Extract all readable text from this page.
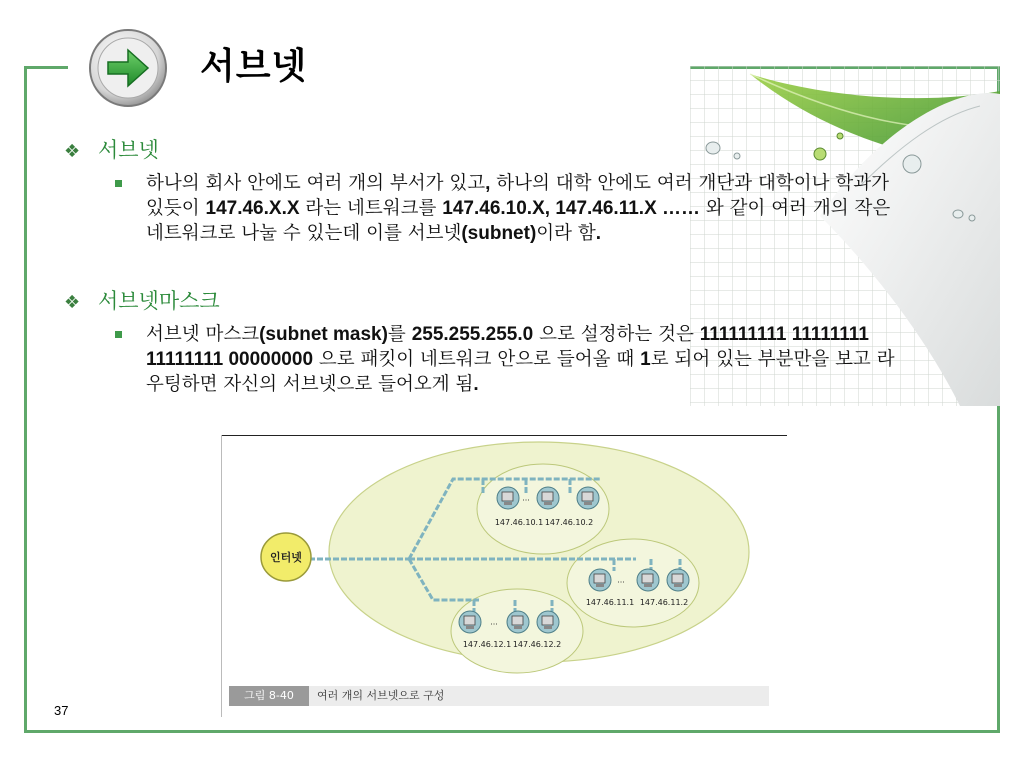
서브넷
❖ 서브넷
하나의 회사 안에도 여러 개의 부서가 있고, 하나의 대학 안에도 여러 개단과 대학이나 학과가 있듯이 147.46.X.X 라는 네트워크를 147.46.10.X, 147.46.11.X …… 와 같이 여러 개의 작은 네트워크로 나눌 수 있는데 이를 서브넷(subnet)이라 함.
❖ 서브넷마스크
서브넷 마스크(subnet mask)를 255.255.255.0 으로 설정하는 것은 111111111 11111111 11111111 00000000 으로 패킷이 네트워크 안으로 들어올 때 1로 되어 있는 부분만을 보고 라우팅하면 자신의 서브넷으로 들어오게 됨.
인터넷
···
147.46.10.1 147.46.10.2
···
147.46.11.1 147.46.11.2
···
147.46.12.1 147.46.12.2
그림 8-40	여러 개의 서브넷으로 구성
37
